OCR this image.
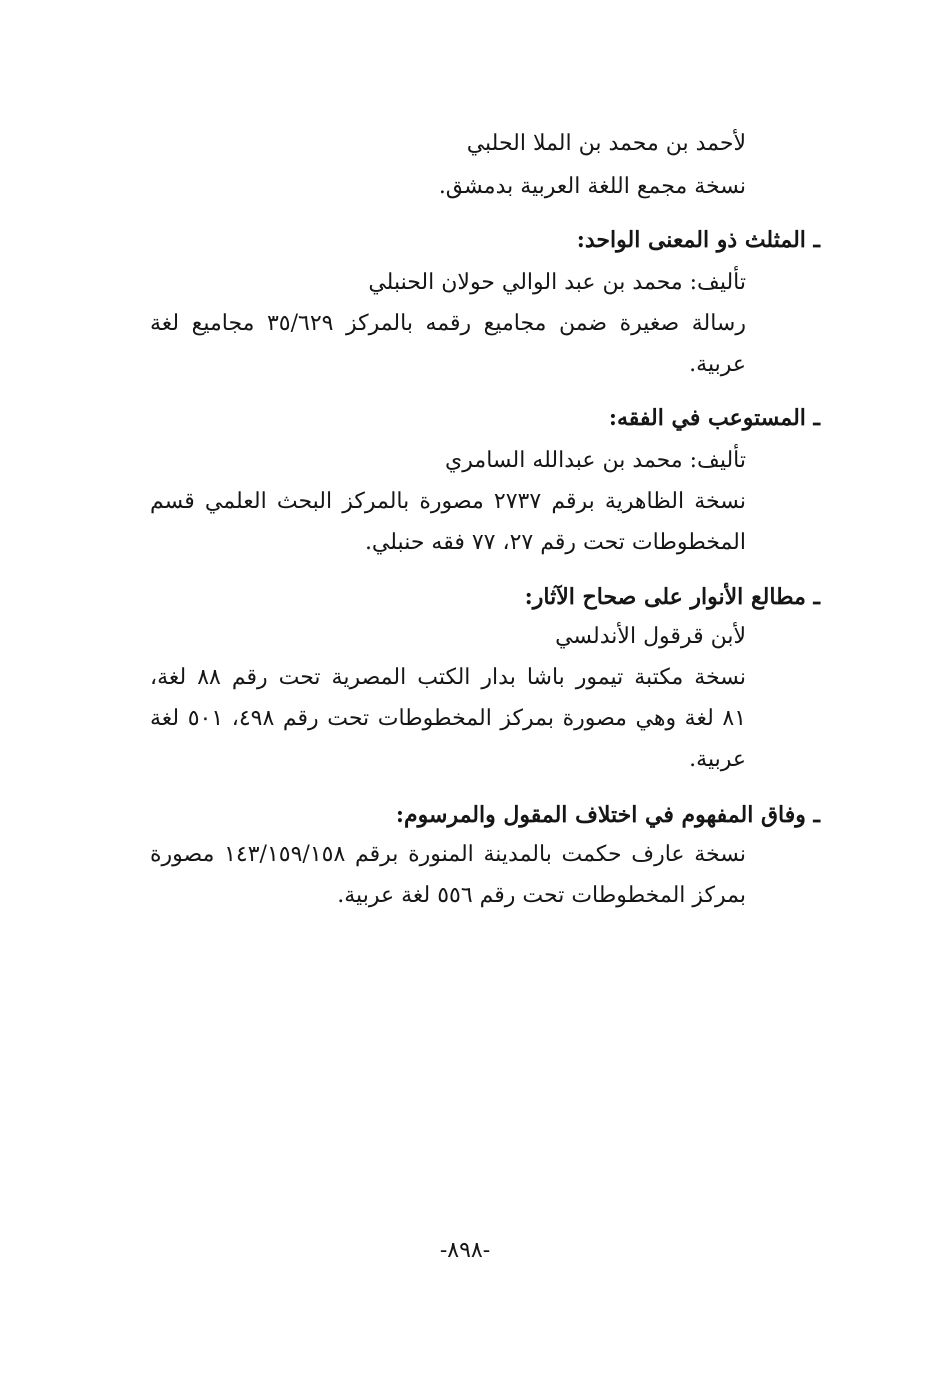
لأحمد بن محمد بن الملا الحلبي
نسخة مجمع اللغة العربية بدمشق.
ـ المثلث ذو المعنى الواحد:
تأليف: محمد بن عبد الوالي حولان الحنبلي
رسالة صغيرة ضمن مجاميع رقمه بالمركز ٣٥/٦٢٩ مجاميع لغة
عربية.
ـ المستوعب في الفقه:
تأليف: محمد بن عبدالله السامري
نسخة الظاهرية برقم ٢٧٣٧ مصورة بالمركز البحث العلمي قسم
المخطوطات تحت رقم ٢٧، ٧٧ فقه حنبلي.
ـ مطالع الأنوار على صحاح الآثار:
لأبن قرقول الأندلسي
نسخة مكتبة تيمور باشا بدار الكتب المصرية تحت رقم ٨٨ لغة،
٨١ لغة وهي مصورة بمركز المخطوطات تحت رقم ٤٩٨، ٥٠١ لغة
عربية.
ـ وفاق المفهوم في اختلاف المقول والمرسوم:
نسخة عارف حكمت بالمدينة المنورة برقم ١٤٣/١٥٩/١٥٨ مصورة
بمركز المخطوطات تحت رقم ٥٥٦ لغة عربية.
-٨٩٨-
